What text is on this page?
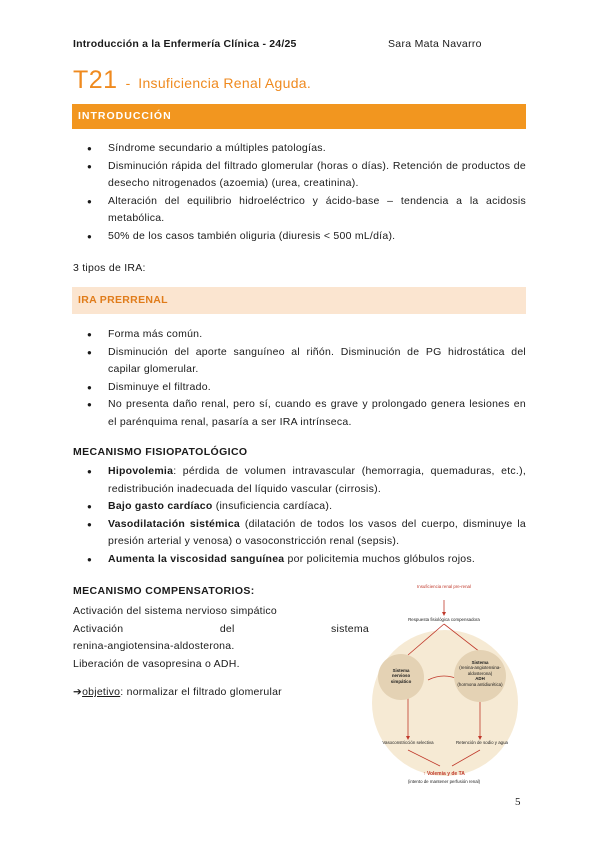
Introducción a la Enfermería Clínica - 24/25	Sara Mata Navarro
T21 - Insuficiencia Renal Aguda.
INTRODUCCIÓN
● Síndrome secundario a múltiples patologías.
● Disminución rápida del filtrado glomerular (horas o días). Retención de productos de desecho nitrogenados (azoemia) (urea, creatinina).
● Alteración del equilibrio hidroeléctrico y ácido-base – tendencia a la acidosis metabólica.
● 50% de los casos también oliguria (diuresis < 500 mL/día).
3 tipos de IRA:
IRA PRERRENAL
● Forma más común.
● Disminución del aporte sanguíneo al riñón. Disminución de PG hidrostática del capilar glomerular.
● Disminuye el filtrado.
● No presenta daño renal, pero sí, cuando es grave y prolongado genera lesiones en el parénquima renal, pasaría a ser IRA intrínseca.
MECANISMO FISIOPATOLÓGICO
● Hipovolemia: pérdida de volumen intravascular (hemorragia, quemaduras, etc.), redistribución inadecuada del líquido vascular (cirrosis).
● Bajo gasto cardíaco (insuficiencia cardíaca).
● Vasodilatación sistémica (dilatación de todos los vasos del cuerpo, disminuye la presión arterial y venosa) o vasoconstricción renal (sepsis).
● Aumenta la viscosidad sanguínea por policitemia muchos glóbulos rojos.
MECANISMO COMPENSATORIOS:
Activación del sistema nervioso simpático
Activación del sistema
renina-angiotensina-aldosterona.
Liberación de vasopresina o ADH.
➔objetivo: normalizar el filtrado glomerular
Insuficiencia renal pre-renal
Respuesta fisiológica compensadora
Sistema nervioso simpático
Sistema
(renina-angiotensina-aldosterona)
ADH
(hormona antidiurética)
Vasoconstricción selectiva	Retención de sodio y agua
↑ Volemia y de TA
(intento de mantener perfusión renal)
5
